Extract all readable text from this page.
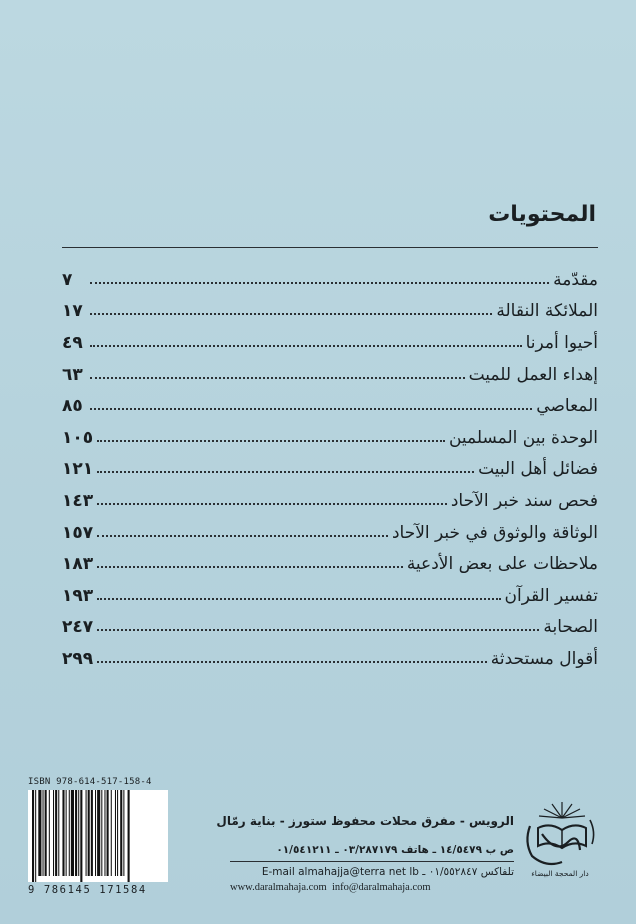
المحتويات
مقدّمة
٧
الملائكة النقالة
١٧
أحيوا أمرنا
٤٩
إهداء العمل للميت
٦٣
المعاصي
٨٥
الوحدة بين المسلمين
١٠٥
فضائل أهل البيت
١٢١
فحص سند خبر الآحاد
١٤٣
الوثاقة والوثوق في خبر الآحاد
١٥٧
ملاحظات على بعض الأدعية
١٨٣
تفسير القرآن
١٩٣
الصحابة
٢٤٧
أقوال مستحدثة
٢٩٩
ISBN 978-614-517-158-4
9 786145 171584
الرويس - مفرق محلات محفوظ ستورز - بناية رمّال
ص ب ١٤/٥٤٧٩ ـ هاتف ٠٣/٢٨٧١٧٩ ـ ٠١/٥٤١٢١١
E-mail almahajja@terra net lb تلفاكس ٠١/٥٥٢٨٤٧ ـ
www.daralmahaja.com info@daralmahaja.com
دار المحجة البيضاء
